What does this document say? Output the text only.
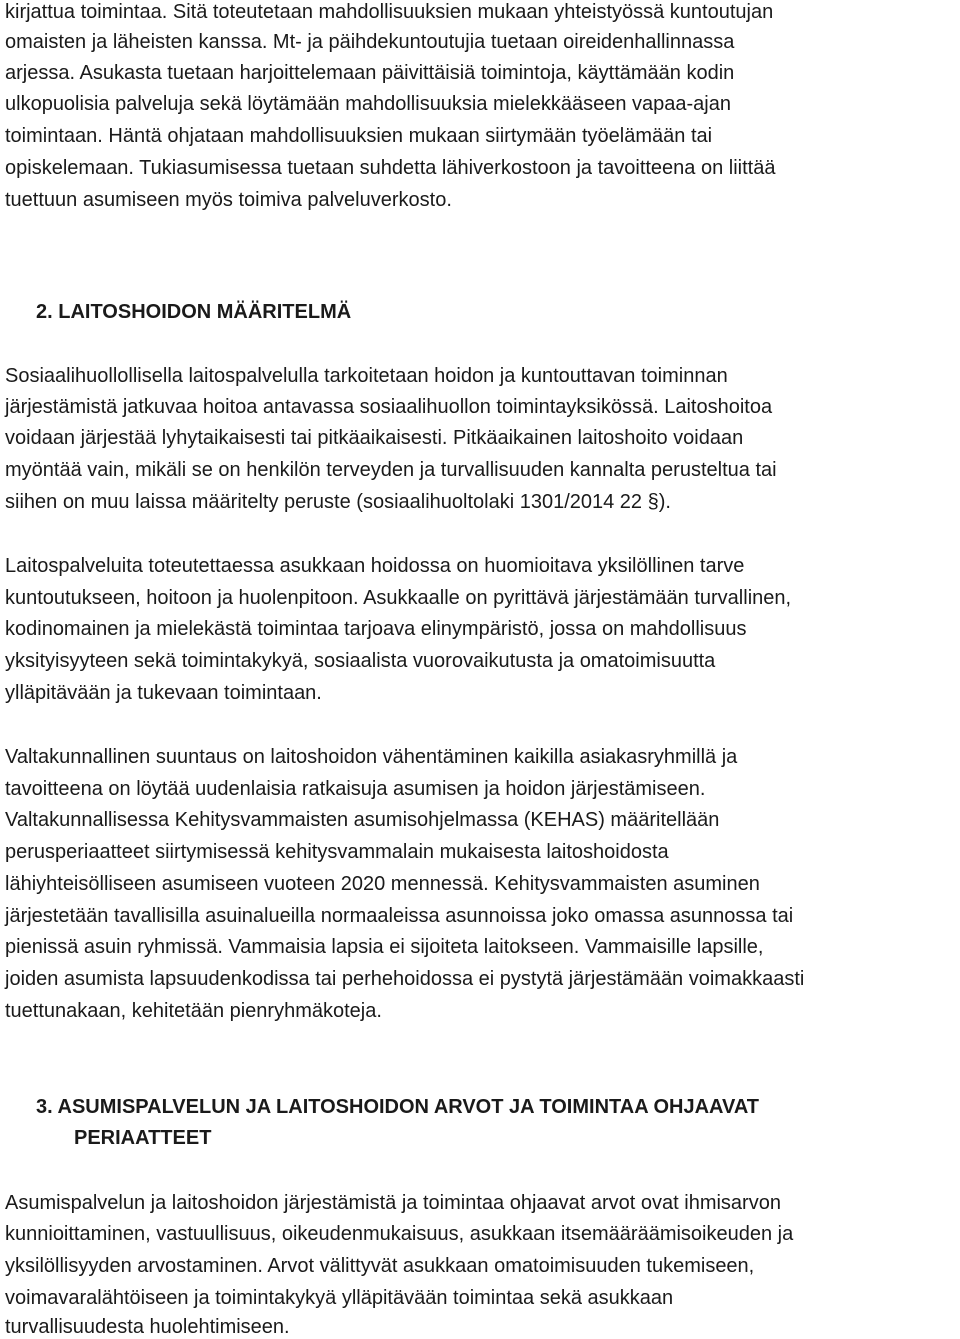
kirjattua toimintaa. Sitä toteutetaan mahdollisuuksien mukaan yhteistyössä kuntoutujan
omaisten ja läheisten kanssa. Mt- ja päihdekuntoutujia tuetaan oireidenhallinnassa
arjessa. Asukasta tuetaan harjoittelemaan päivittäisiä toimintoja, käyttämään kodin
ulkopuolisia palveluja sekä löytämään mahdollisuuksia mielekkääseen vapaa-ajan
toimintaan. Häntä ohjataan mahdollisuuksien mukaan siirtymään työelämään tai
opiskelemaan. Tukiasumisessa tuetaan suhdetta lähiverkostoon ja tavoitteena on liittää
tuettuun asumiseen myös toimiva palveluverkosto.
2. LAITOSHOIDON MÄÄRITELMÄ
Sosiaalihuollollisella laitospalvelulla tarkoitetaan hoidon ja kuntouttavan toiminnan
järjestämistä jatkuvaa hoitoa antavassa sosiaalihuollon toimintayksikössä. Laitoshoitoa
voidaan järjestää lyhytaikaisesti tai pitkäaikaisesti. Pitkäaikainen laitoshoito voidaan
myöntää vain, mikäli se on henkilön terveyden ja turvallisuuden kannalta perusteltua tai
siihen on muu laissa määritelty peruste (sosiaalihuoltolaki 1301/2014 22 §).
Laitospalveluita toteutettaessa asukkaan hoidossa on huomioitava yksilöllinen tarve
kuntoutukseen, hoitoon ja huolenpitoon. Asukkaalle on pyrittävä järjestämään turvallinen,
kodinomainen ja mielekästä toimintaa tarjoava elinympäristö, jossa on mahdollisuus
yksityisyyteen sekä toimintakykyä, sosiaalista vuorovaikutusta ja omatoimisuutta
ylläpitävään ja tukevaan toimintaan.
Valtakunnallinen suuntaus on laitoshoidon vähentäminen kaikilla asiakasryhmillä ja
tavoitteena on löytää uudenlaisia ratkaisuja asumisen ja hoidon järjestämiseen.
Valtakunnallisessa Kehitysvammaisten asumisohjelmassa (KEHAS) määritellään
perusperiaatteet siirtymisessä kehitysvammalain mukaisesta laitoshoidosta
lähiyhteisölliseen asumiseen vuoteen 2020 mennessä. Kehitysvammaisten asuminen
järjestetään tavallisilla asuinalueilla normaaleissa asunnoissa joko omassa asunnossa tai
pienissä asuin ryhmissä. Vammaisia lapsia ei sijoiteta laitokseen. Vammaisille lapsille,
joiden asumista lapsuudenkodissa tai perhehoidossa ei pystytä järjestämään voimakkaasti
tuettunakaan, kehitetään pienryhmäkoteja.
3. ASUMISPALVELUN JA LAITOSHOIDON ARVOT JA TOIMINTAA OHJAAVAT
PERIAATTEET
Asumispalvelun ja laitoshoidon järjestämistä ja toimintaa ohjaavat arvot ovat ihmisarvon
kunnioittaminen, vastuullisuus, oikeudenmukaisuus, asukkaan itsemääräämisoikeuden ja
yksilöllisyyden arvostaminen. Arvot välittyvät asukkaan omatoimisuuden tukemiseen,
voimavaralähtöiseen ja toimintakykyä ylläpitävään toimintaa sekä asukkaan
turvallisuudesta huolehtimiseen.
